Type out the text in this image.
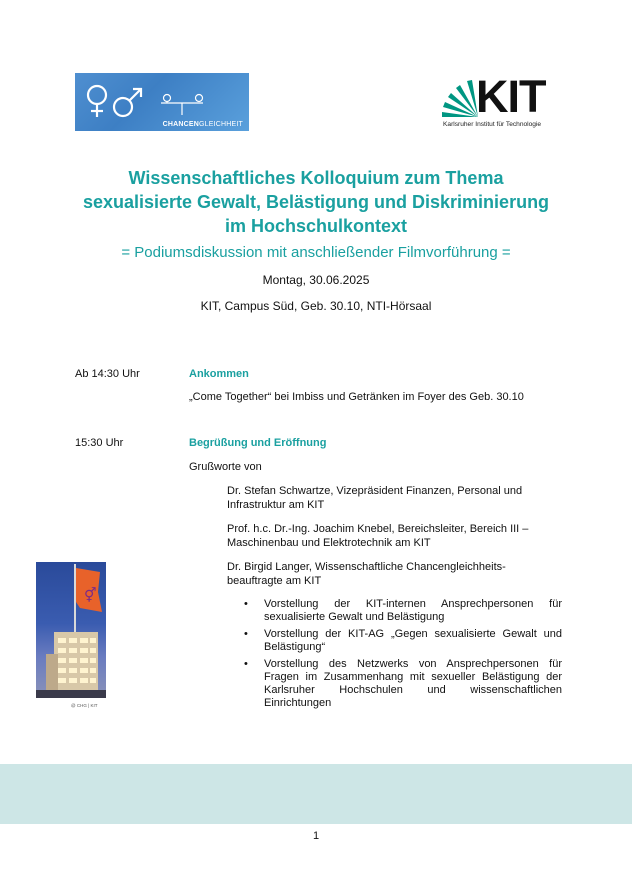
CHANCENGLEICHHEIT
KIT
Karlsruher Institut für Technologie
Wissenschaftliches Kolloquium zum Thema
sexualisierte Gewalt, Belästigung und Diskriminierung
im Hochschulkontext
= Podiumsdiskussion mit anschließender Filmvorführung =
Montag, 30.06.2025
KIT, Campus Süd, Geb. 30.10, NTI-Hörsaal
Ab 14:30 Uhr	Ankommen
„Come Together“ bei Imbiss und Getränken im Foyer des Geb. 30.10
15:30 Uhr	Begrüßung und Eröffnung
Grußworte von
Dr. Stefan Schwartze, Vizepräsident Finanzen, Personal und
Infrastruktur am KIT
Prof. h.c. Dr.-Ing. Joachim Knebel, Bereichsleiter, Bereich III –
Maschinenbau und Elektrotechnik am KIT
Dr. Birgid Langer, Wissenschaftliche Chancengleichheits-
beauftragte am KIT
• Vorstellung der KIT-internen Ansprechpersonen für sexualisierte Gewalt und Belästigung
• Vorstellung der KIT-AG „Gegen sexualisierte Gewalt und Belästigung“
• Vorstellung des Netzwerks von Ansprechpersonen für Fragen im Zusammenhang mit sexueller Belästigung der Karlsruher Hochschulen und wissenschaftlichen Einrichtungen
⚥
@ CHG | KIT
1
